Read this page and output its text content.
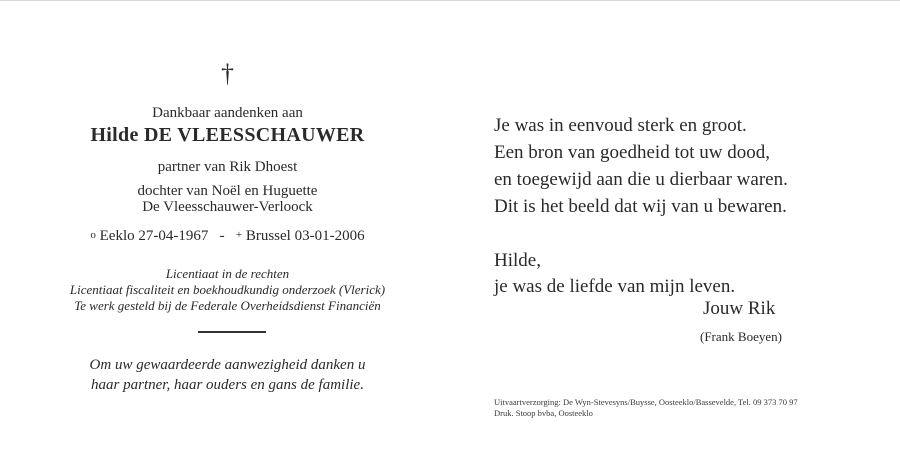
†
Dankbaar aandenken aan
Hilde DE VLEESSCHAUWER
partner van Rik Dhoest
dochter van Noël en Huguette
De Vleesschauwer-Verloock
$^o$ Eeklo 27-04-1967 - + Brussel 03-01-2006
Licentiaat in de rechten
Licentiaat fiscaliteit en boekhoudkundig onderzoek (Vlerick)
Te werk gesteld bij de Federale Overheidsdienst Financiën
Om uw gewaardeerde aanwezigheid danken u
haar partner, haar ouders en gans de familie.
Je was in eenvoud sterk en groot.
Een bron van goedheid tot uw dood,
en toegewijd aan die u dierbaar waren.
Dit is het beeld dat wij van u bewaren.
Hilde,
je was de liefde van mijn leven.
Jouw Rik
(Frank Boeyen)
Uitvaartverzorging: De Wyn-Stevesyns/Buysse, Oosteeklo/Bassevelde, Tel. 09 373 70 97
Druk. Stoop bvba, Oosteeklo
